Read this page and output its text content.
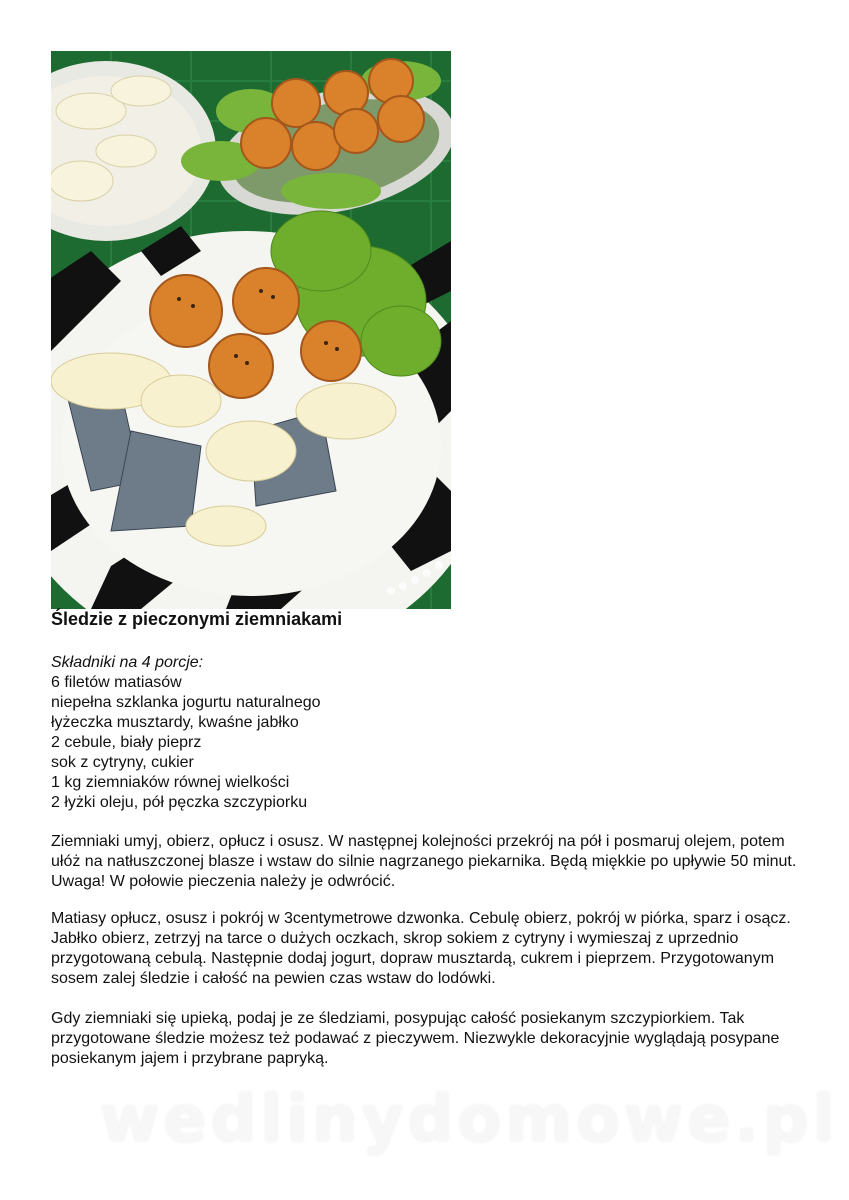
Śledzie z pieczonymi ziemniakami
Składniki na 4 porcje:
6 filetów matiasów
niepełna szklanka jogurtu naturalnego
łyżeczka musztardy, kwaśne jabłko
2 cebule, biały pieprz
sok z cytryny, cukier
1 kg ziemniaków równej wielkości
2 łyżki oleju, pół pęczka szczypiorku
Ziemniaki umyj, obierz, opłucz i osusz. W następnej kolejności przekrój na pół i posmaruj olejem, potem ułóż na natłuszczonej blasze i wstaw do silnie nagrzanego piekarnika. Będą miękkie po upływie 50 minut. Uwaga! W połowie pieczenia należy je odwrócić.
Matiasy opłucz, osusz i pokrój w 3centymetrowe dzwonka. Cebulę obierz, pokrój w piórka, sparz i osącz. Jabłko obierz, zetrzyj na tarce o dużych oczkach, skrop sokiem z cytryny i wymieszaj z uprzednio przygotowaną cebulą. Następnie dodaj jogurt, dopraw musztardą, cukrem i pieprzem. Przygotowanym sosem zalej śledzie i całość na pewien czas wstaw do lodówki.
Gdy ziemniaki się upieką, podaj je ze śledziami, posypując całość posiekanym szczypiorkiem. Tak przygotowane śledzie możesz też podawać z pieczywem. Niezwykle dekoracyjnie wyglądają posypane posiekanym jajem i przybrane papryką.
wedlinydomowe.pl
